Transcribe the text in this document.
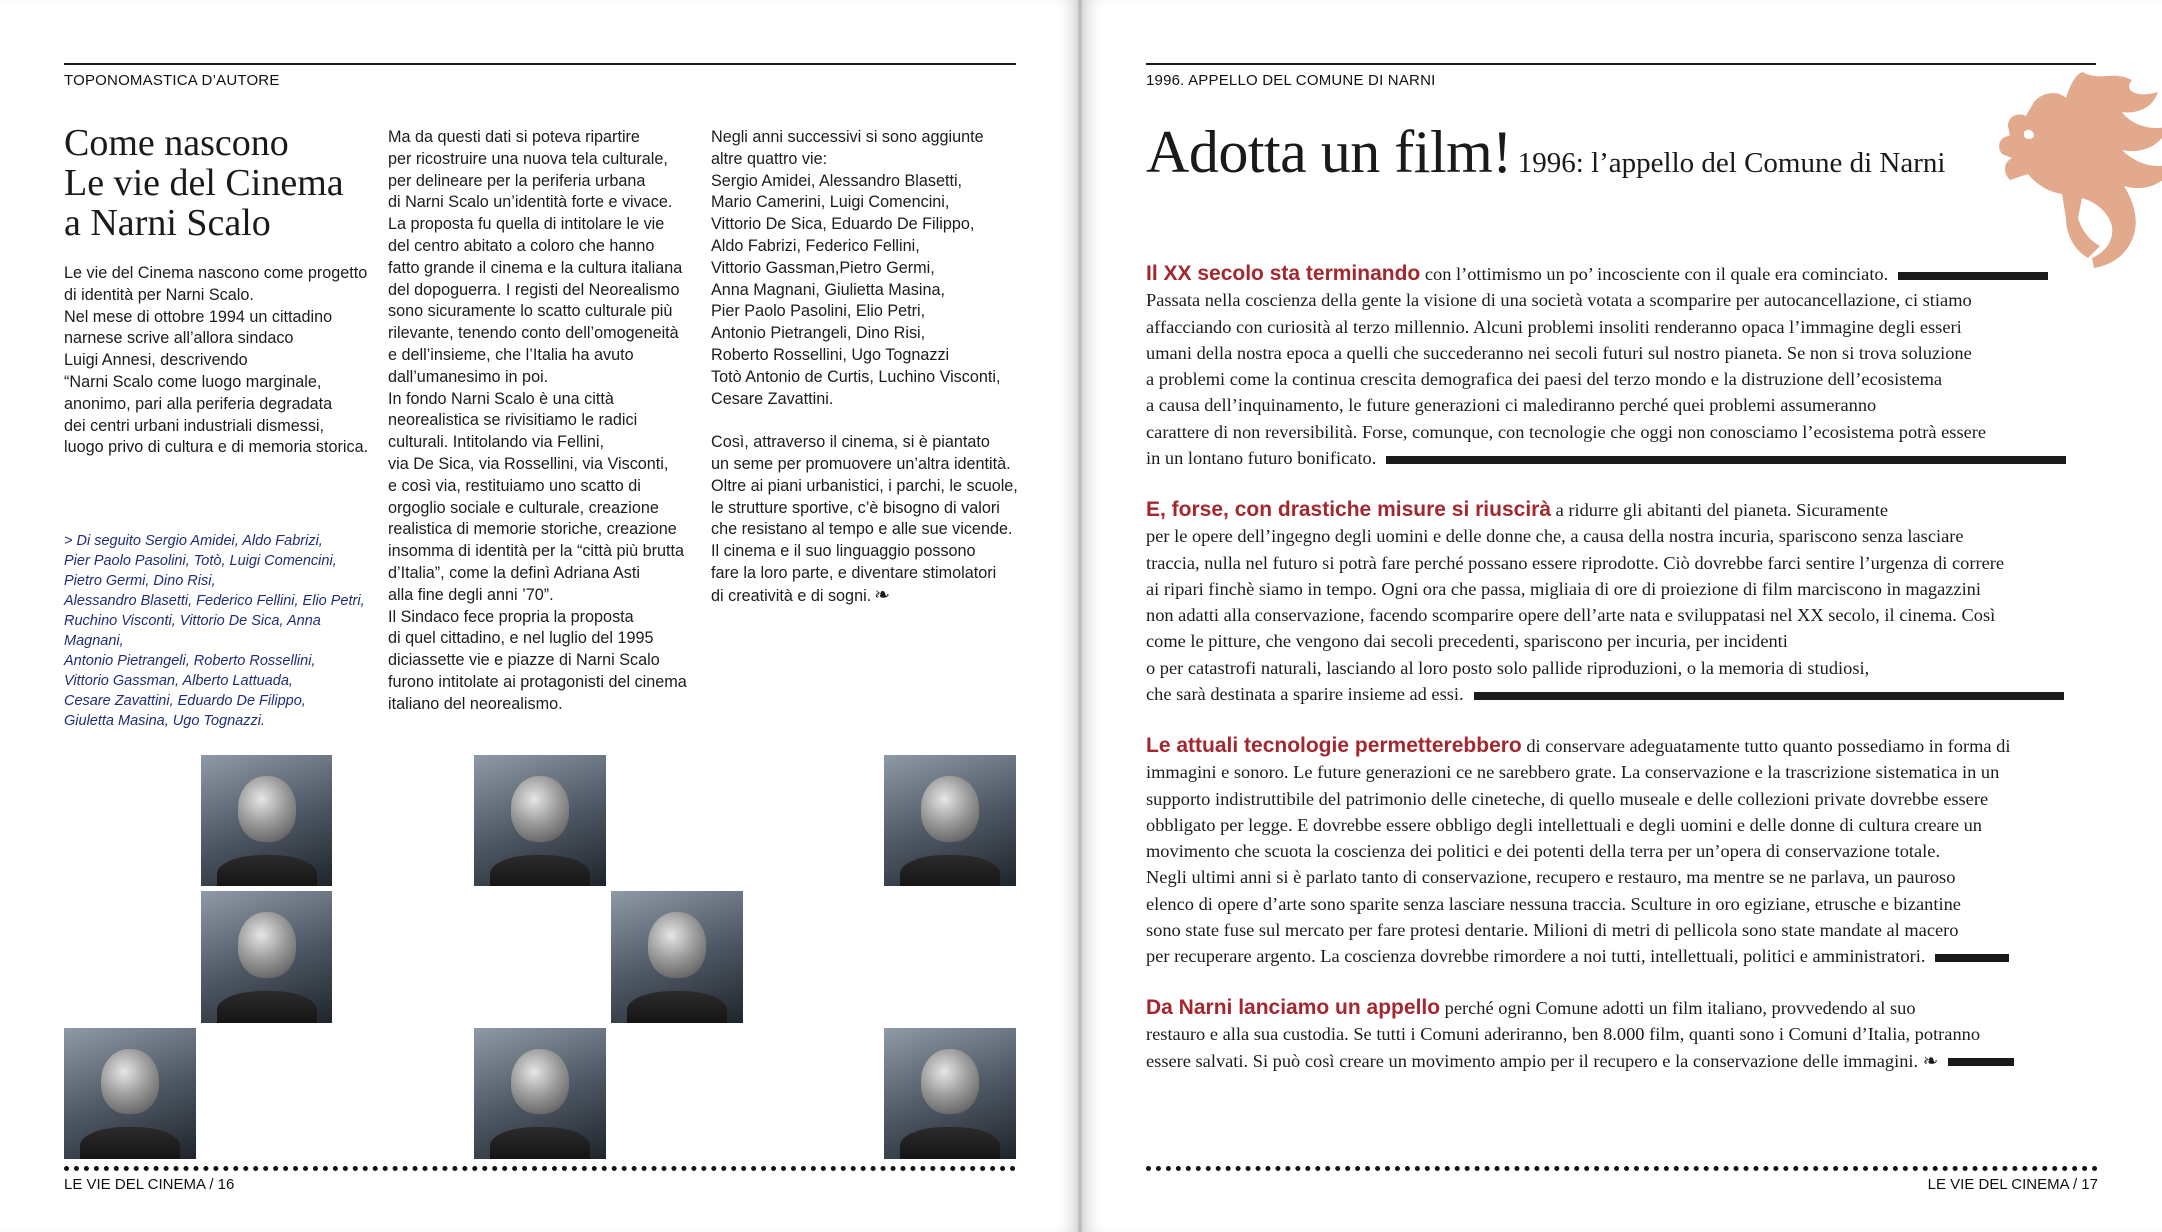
TOPONOMASTICA D’AUTORE
Come nascono
Le vie del Cinema
a Narni Scalo
Le vie del Cinema nascono come progetto
di identità per Narni Scalo.
Nel mese di ottobre 1994 un cittadino
narnese scrive all’allora sindaco
Luigi Annesi, descrivendo
“Narni Scalo come luogo marginale,
anonimo, pari alla periferia degradata
dei centri urbani industriali dismessi,
luogo privo di cultura e di memoria storica.
> Di seguito Sergio Amidei, Aldo Fabrizi,
Pier Paolo Pasolini, Totò, Luigi Comencini,
Pietro Germi, Dino Risi,
Alessandro Blasetti, Federico Fellini, Elio Petri,
Ruchino Visconti, Vittorio De Sica, Anna Magnani,
Antonio Pietrangeli, Roberto Rossellini,
Vittorio Gassman, Alberto Lattuada,
Cesare Zavattini, Eduardo De Filippo,
Giuletta Masina, Ugo Tognazzi.
Ma da questi dati si poteva ripartire
per ricostruire una nuova tela culturale,
per delineare per la periferia urbana
di Narni Scalo un’identità forte e vivace.
La proposta fu quella di intitolare le vie
del centro abitato a coloro che hanno
fatto grande il cinema e la cultura italiana
del dopoguerra. I registi del Neorealismo
sono sicuramente lo scatto culturale più
rilevante, tenendo conto dell’omogeneità
e dell’insieme, che l’Italia ha avuto
dall’umanesimo in poi.
In fondo Narni Scalo è una città
neorealistica se rivisitiamo le radici
culturali. Intitolando via Fellini,
via De Sica, via Rossellini, via Visconti,
e così via, restituiamo uno scatto di
orgoglio sociale e culturale, creazione
realistica di memorie storiche, creazione
insomma di identità per la “città più brutta
d’Italia”, come la definì Adriana Asti
alla fine degli anni ’70”.
Il Sindaco fece propria la proposta
di quel cittadino, e nel luglio del 1995
diciassette vie e piazze di Narni Scalo
furono intitolate ai protagonisti del cinema
italiano del neorealismo.
Negli anni successivi si sono aggiunte
altre quattro vie:
Sergio Amidei, Alessandro Blasetti,
Mario Camerini, Luigi Comencini,
Vittorio De Sica, Eduardo De Filippo,
Aldo Fabrizi, Federico Fellini,
Vittorio Gassman,Pietro Germi,
Anna Magnani, Giulietta Masina,
Pier Paolo Pasolini, Elio Petri,
Antonio Pietrangeli, Dino Risi,
Roberto Rossellini, Ugo Tognazzi
Totò Antonio de Curtis, Luchino Visconti,
Cesare Zavattini.

Così, attraverso il cinema, si è piantato
un seme per promuovere un’altra identità.
Oltre ai piani urbanistici, i parchi, le scuole,
le strutture sportive, c’è bisogno di valori
che resistano al tempo e alle sue vicende.
Il cinema e il suo linguaggio possono
fare la loro parte, e diventare stimolatori
di creatività e di sogni. ❧
LE VIE DEL CINEMA / 16
1996. APPELLO DEL COMUNE DI NARNI
Adotta un film! 1996: l’appello del Comune di Narni
Il XX secolo sta terminando con l’ottimismo un po’ incosciente con il quale era cominciato.
Passata nella coscienza della gente la visione di una società votata a scomparire per autocancellazione, ci stiamo
affacciando con curiosità al terzo millennio. Alcuni problemi insoliti renderanno opaca l’immagine degli esseri
umani della nostra epoca a quelli che succederanno nei secoli futuri sul nostro pianeta. Se non si trova soluzione
a problemi come la continua crescita demografica dei paesi del terzo mondo e la distruzione dell’ecosistema
a causa dell’inquinamento, le future generazioni ci malediranno perché quei problemi assumeranno
carattere di non reversibilità. Forse, comunque, con tecnologie che oggi non conosciamo l’ecosistema potrà essere
in un lontano futuro bonificato.
E, forse, con drastiche misure si riuscirà a ridurre gli abitanti del pianeta. Sicuramente
per le opere dell’ingegno degli uomini e delle donne che, a causa della nostra incuria, spariscono senza lasciare
traccia, nulla nel futuro si potrà fare perché possano essere riprodotte. Ciò dovrebbe farci sentire l’urgenza di correre
ai ripari finchè siamo in tempo. Ogni ora che passa, migliaia di ore di proiezione di film marciscono in magazzini
non adatti alla conservazione, facendo scomparire opere dell’arte nata e sviluppatasi nel XX secolo, il cinema. Così
come le pitture, che vengono dai secoli precedenti, spariscono per incuria, per incidenti
o per catastrofi naturali, lasciando al loro posto solo pallide riproduzioni, o la memoria di studiosi,
che sarà destinata a sparire insieme ad essi.
Le attuali tecnologie permetterebbero di conservare adeguatamente tutto quanto possediamo in forma di
immagini e sonoro. Le future generazioni ce ne sarebbero grate. La conservazione e la trascrizione sistematica in un
supporto indistruttibile del patrimonio delle cineteche, di quello museale e delle collezioni private dovrebbe essere
obbligato per legge. E dovrebbe essere obbligo degli intellettuali e degli uomini e delle donne di cultura creare un
movimento che scuota la coscienza dei politici e dei potenti della terra per un’opera di conservazione totale.
Negli ultimi anni si è parlato tanto di conservazione, recupero e restauro, ma mentre se ne parlava, un pauroso
elenco di opere d’arte sono sparite senza lasciare nessuna traccia. Sculture in oro egiziane, etrusche e bizantine
sono state fuse sul mercato per fare protesi dentarie. Milioni di metri di pellicola sono state mandate al macero
per recuperare argento. La coscienza dovrebbe rimordere a noi tutti, intellettuali, politici e amministratori.
Da Narni lanciamo un appello perché ogni Comune adotti un film italiano, provvedendo al suo
restauro e alla sua custodia. Se tutti i Comuni aderiranno, ben 8.000 film, quanti sono i Comuni d’Italia, potranno
essere salvati. Si può così creare un movimento ampio per il recupero e la conservazione delle immagini. ❧
LE VIE DEL CINEMA / 17
